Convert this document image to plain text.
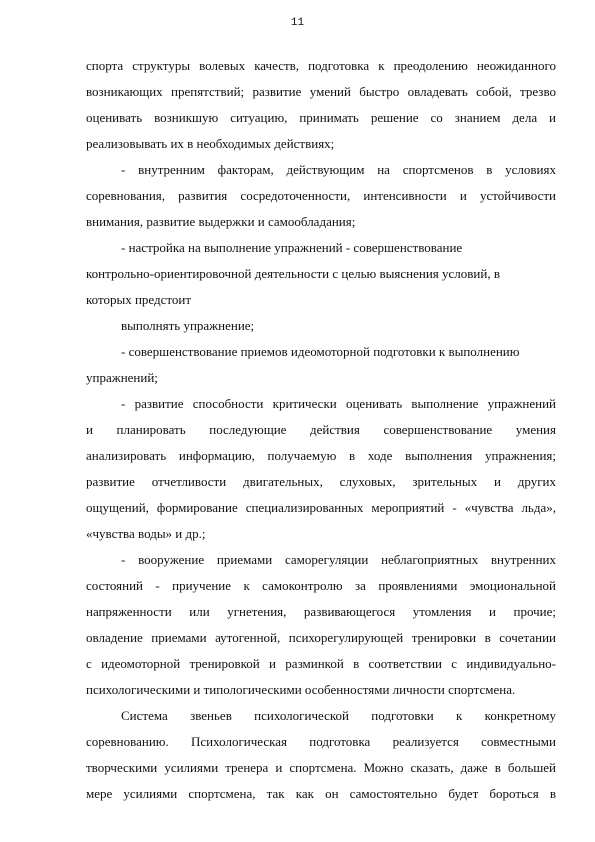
11
спорта структуры волевых качеств, подготовка к преодолению неожиданного
возникающих препятствий; развитие умений быстро овладевать собой, трезво
оценивать возникшую ситуацию, принимать решение со знанием дела и
реализовывать их в необходимых действиях;
- внутренним факторам, действующим на спортсменов в условиях
соревнования, развития сосредоточенности, интенсивности и устойчивости
внимания, развитие выдержки и самообладания;
- настройка на выполнение упражнений - совершенствование
контрольно-ориентировочной деятельности с целью выяснения условий, в
которых предстоит
выполнять упражнение;
- совершенствование приемов идеомоторной подготовки к выполнению
упражнений;
- развитие способности критически оценивать выполнение упражнений
и планировать последующие действия совершенствование умения
анализировать информацию, получаемую в ходе выполнения упражнения;
развитие отчетливости двигательных, слуховых, зрительных и других
ощущений, формирование специализированных мероприятий - «чувства льда»,
«чувства воды» и др.;
- вооружение приемами саморегуляции неблагоприятных внутренних
состояний - приучение к самоконтролю за проявлениями эмоциональной
напряженности или угнетения, развивающегося утомления и прочие;
овладение приемами аутогенной, психорегулирующей тренировки в сочетании
с идеомоторной тренировкой и разминкой в соответствии с индивидуально-
психологическими и типологическими особенностями личности спортсмена.
Система звеньев психологической подготовки к конкретному
соревнованию. Психологическая подготовка реализуется совместными
творческими усилиями тренера и спортсмена. Можно сказать, даже в большей
мере усилиями спортсмена, так как он самостоятельно будет бороться в
